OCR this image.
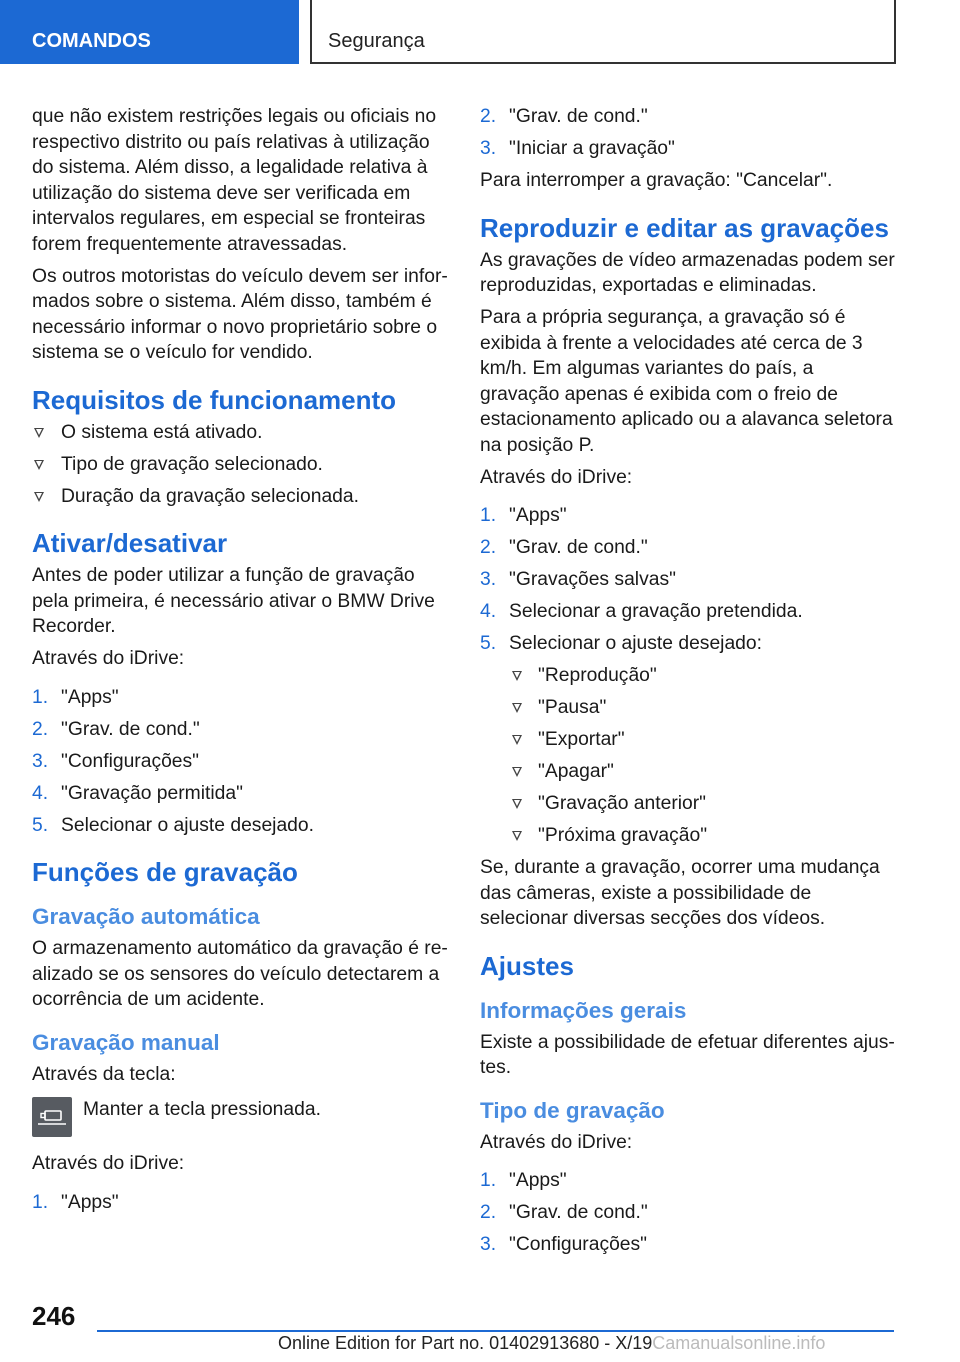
COMANDOS	Segurança

que não existem restrições legais ou oficiais no respectivo distrito ou país relativas à utilização do sistema. Além disso, a legalidade relativa à utilização do sistema deve ser verificada em intervalos regulares, em especial se fronteiras forem frequentemente atravessadas.

Os outros motoristas do veículo devem ser informados sobre o sistema. Além disso, também é necessário informar o novo proprietário sobre o sistema se o veículo for vendido.

Requisitos de funcionamento
O sistema está ativado.
Tipo de gravação selecionado.
Duração da gravação selecionada.
Ativar/desativar

Antes de poder utilizar a função de gravação pela primeira, é necessário ativar o BMW Drive Recorder.

Através do iDrive:

1. "Apps"
2. "Grav. de cond."
3. "Configurações"
4. "Gravação permitida"
5. Selecionar o ajuste desejado.
Funções de gravação
Gravação automática

O armazenamento automático da gravação é realizado se os sensores do veículo detectarem a ocorrência de um acidente.

Gravação manual

Através da tecla:

Manter a tecla pressionada.

Através do iDrive:

1. "Apps"
2. "Grav. de cond."
3. "Iniciar a gravação"

Para interromper a gravação: "Cancelar".

Reproduzir e editar as gravações

As gravações de vídeo armazenadas podem ser reproduzidas, exportadas e eliminadas.

Para a própria segurança, a gravação só é exibida à frente a velocidades até cerca de 3 km/h. Em algumas variantes do país, a gravação apenas é exibida com o freio de estacionamento aplicado ou a alavanca seletora na posição P.

Através do iDrive:

1. "Apps"
2. "Grav. de cond."
3. "Gravações salvas"
4. Selecionar a gravação pretendida.
5. Selecionar o ajuste desejado:
"Reprodução"
"Pausa"
"Exportar"
"Apagar"
"Gravação anterior"
"Próxima gravação"

Se, durante a gravação, ocorrer uma mudança das câmeras, existe a possibilidade de selecionar diversas secções dos vídeos.

Ajustes
Informações gerais

Existe a possibilidade de efetuar diferentes ajustes.

Tipo de gravação

Através do iDrive:

1. "Apps"
2. "Grav. de cond."
3. "Configurações"
246
Online Edition for Part no. 01402913680 - X/19Camanualsonline.info
